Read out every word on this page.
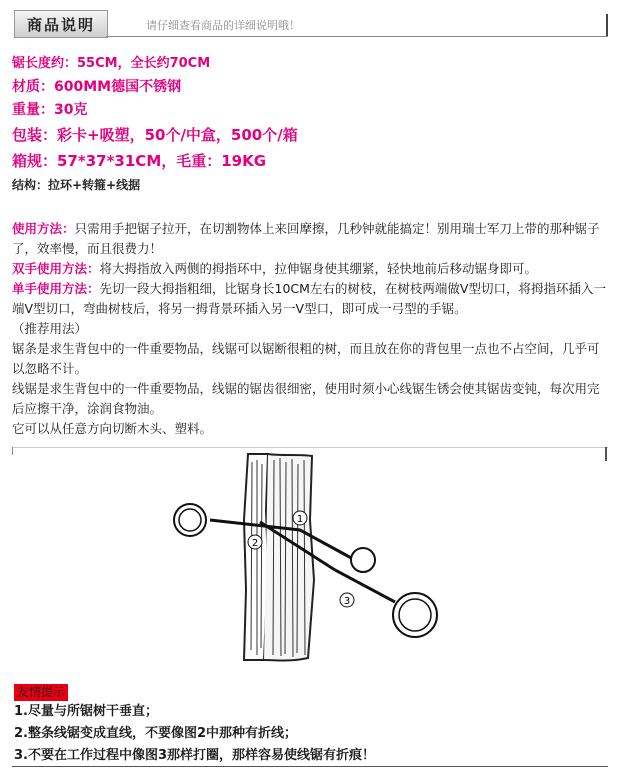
商品说明	请仔细查看商品的详细说明哦！
锯长度约：55CM，全长约70CM
材质：600MM德国不锈钢
重量：30克
包装：彩卡+吸塑，50个/中盒，500个/箱
箱规：57*37*31CM，毛重：19KG
结构：拉环+转箍+线据

使用方法：只需用手把锯子拉开，在切割物体上来回摩擦，几秒钟就能搞定！别用瑞士军刀上带的那种锯子了，效率慢，而且很费力！

双手使用方法：将大拇指放入两侧的拇指环中，拉伸锯身使其绷紧，轻快地前后移动锯身即可。

单手使用方法：先切一段大拇指粗细，比锯身长10CM左右的树枝，在树枝两端做V型切口，将拇指环插入一端V型切口，弯曲树枝后，将另一拇背景环插入另一V型口，即可成一弓型的手锯。

（推荐用法）

锯条是求生背包中的一件重要物品，线锯可以锯断很粗的树，而且放在你的背包里一点也不占空间，几乎可以忽略不计。

线锯是求生背包中的一件重要物品，线锯的锯齿很细密，使用时须小心线锯生锈会使其锯齿变钝，每次用完后应擦干净，涂润食物油。

它可以从任意方向切断木头、塑料。

1
2
3
友情提示
1.尽量与所锯树干垂直；
2.整条线锯变成直线，不要像图2中那种有折线；
3.不要在工作过程中像图3那样打圈，那样容易使线锯有折痕！
